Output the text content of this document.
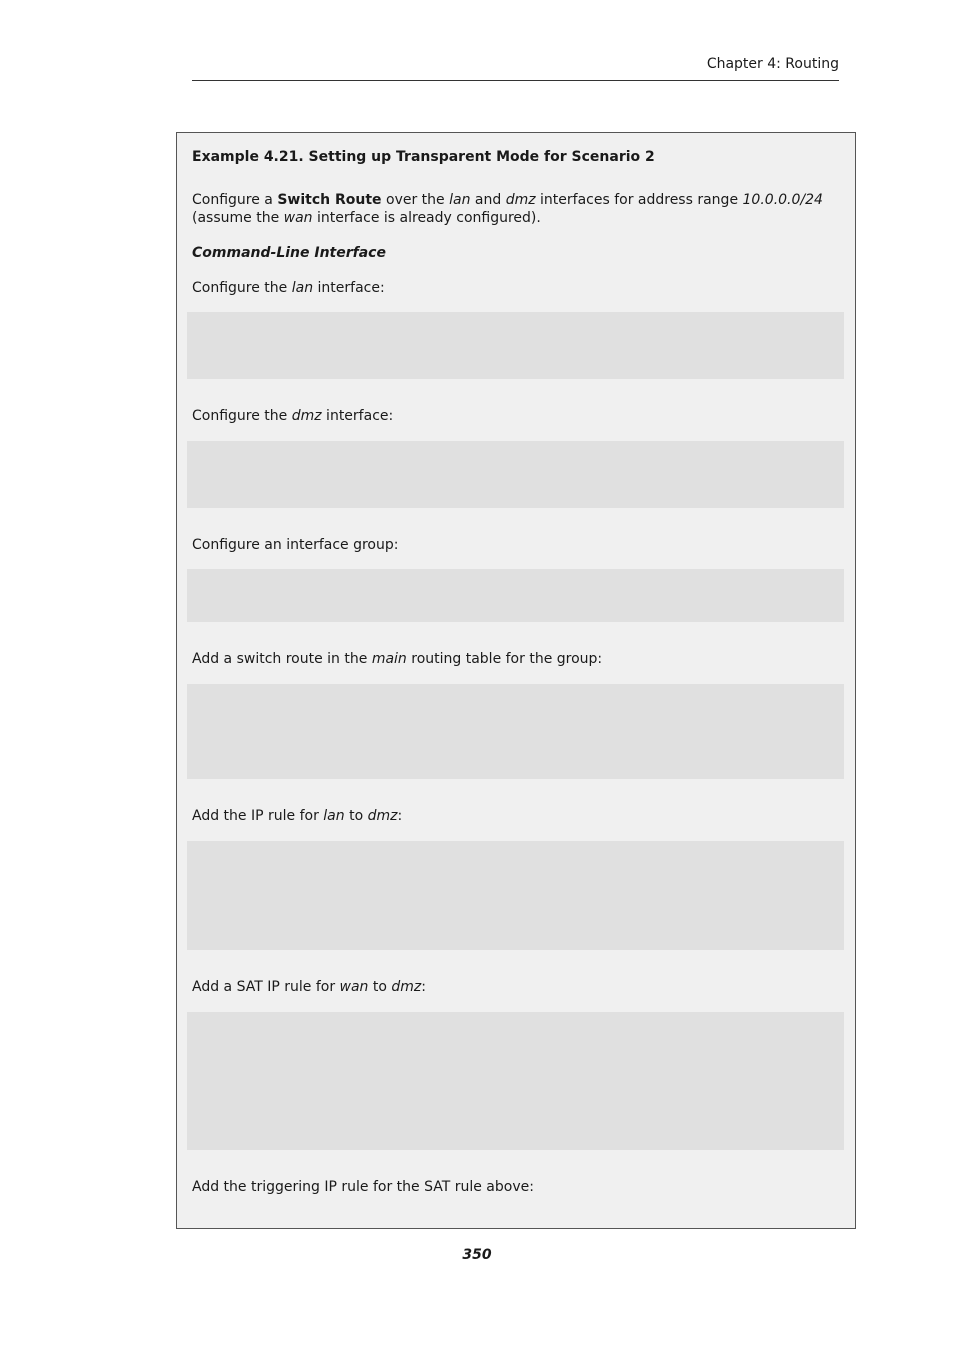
Chapter 4: Routing
Example 4.21. Setting up Transparent Mode for Scenario 2
Configure a Switch Route over the lan and dmz interfaces for address range 10.0.0.0/24 (assume the wan interface is already configured).
Command-Line Interface
Configure the lan interface:
Configure the dmz interface:
Configure an interface group:
Add a switch route in the main routing table for the group:
Add the IP rule for lan to dmz:
Add a SAT IP rule for wan to dmz:
Add the triggering IP rule for the SAT rule above:
350
